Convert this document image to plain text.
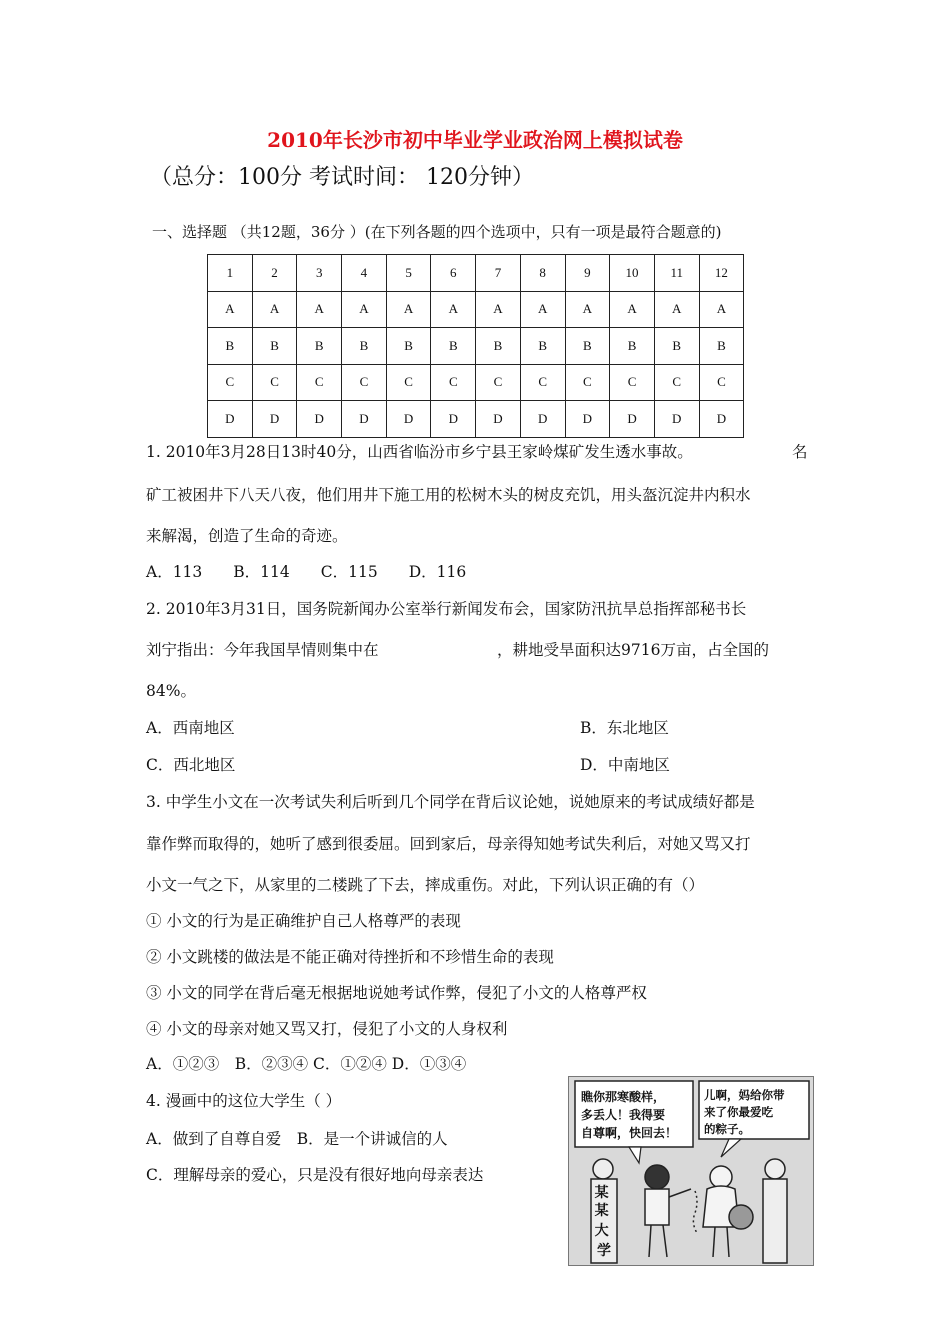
2010年长沙市初中毕业学业政治网上模拟试卷
（总分：100分 考试时间： 120分钟）
一、选择题 （共12题，36分 ）(在下列各题的四个选项中，只有一项是最符合题意的)
1	2	3	4	5	6	7	8	9	10	11	12
A	A	A	A	A	A	A	A	A	A	A	A
B	B	B	B	B	B	B	B	B	B	B	B
C	C	C	C	C	C	C	C	C	C	C	C
D	D	D	D	D	D	D	D	D	D	D	D
1. 2010年3月28日13时40分，山西省临汾市乡宁县王家岭煤矿发生透水事故。	名
矿工被困井下八天八夜，他们用井下施工用的松树木头的树皮充饥，用头盔沉淀井内积水
来解渴，创造了生命的奇迹。
A．113　　B．114　　C．115　　D．116
2. 2010年3月31日，国务院新闻办公室举行新闻发布会，国家防汛抗旱总指挥部秘书长
刘宁指出：今年我国旱情则集中在	，耕地受旱面积达9716万亩，占全国的
84%。
A．西南地区	B．东北地区
C．西北地区	D．中南地区
3. 中学生小文在一次考试失利后听到几个同学在背后议论她，说她原来的考试成绩好都是
靠作弊而取得的，她听了感到很委屈。回到家后，母亲得知她考试失利后，对她又骂又打
小文一气之下，从家里的二楼跳了下去，摔成重伤。对此，下列认识正确的有（）
① 小文的行为是正确维护自己人格尊严的表现
② 小文跳楼的做法是不能正确对待挫折和不珍惜生命的表现
③ 小文的同学在背后毫无根据地说她考试作弊，侵犯了小文的人格尊严权
④ 小文的母亲对她又骂又打，侵犯了小文的人身权利
A．①②③　B．②③④ C．①②④ D．①③④
4. 漫画中的这位大学生（ ）
A．做到了自尊自爱　B．是一个讲诚信的人
C．理解母亲的爱心，只是没有很好地向母亲表达
瞧你那寒酸样， 多丢人！我得要 自尊啊，快回去！
儿啊，妈给你带 来了你最爱吃 的粽子。
某 某 大 学
